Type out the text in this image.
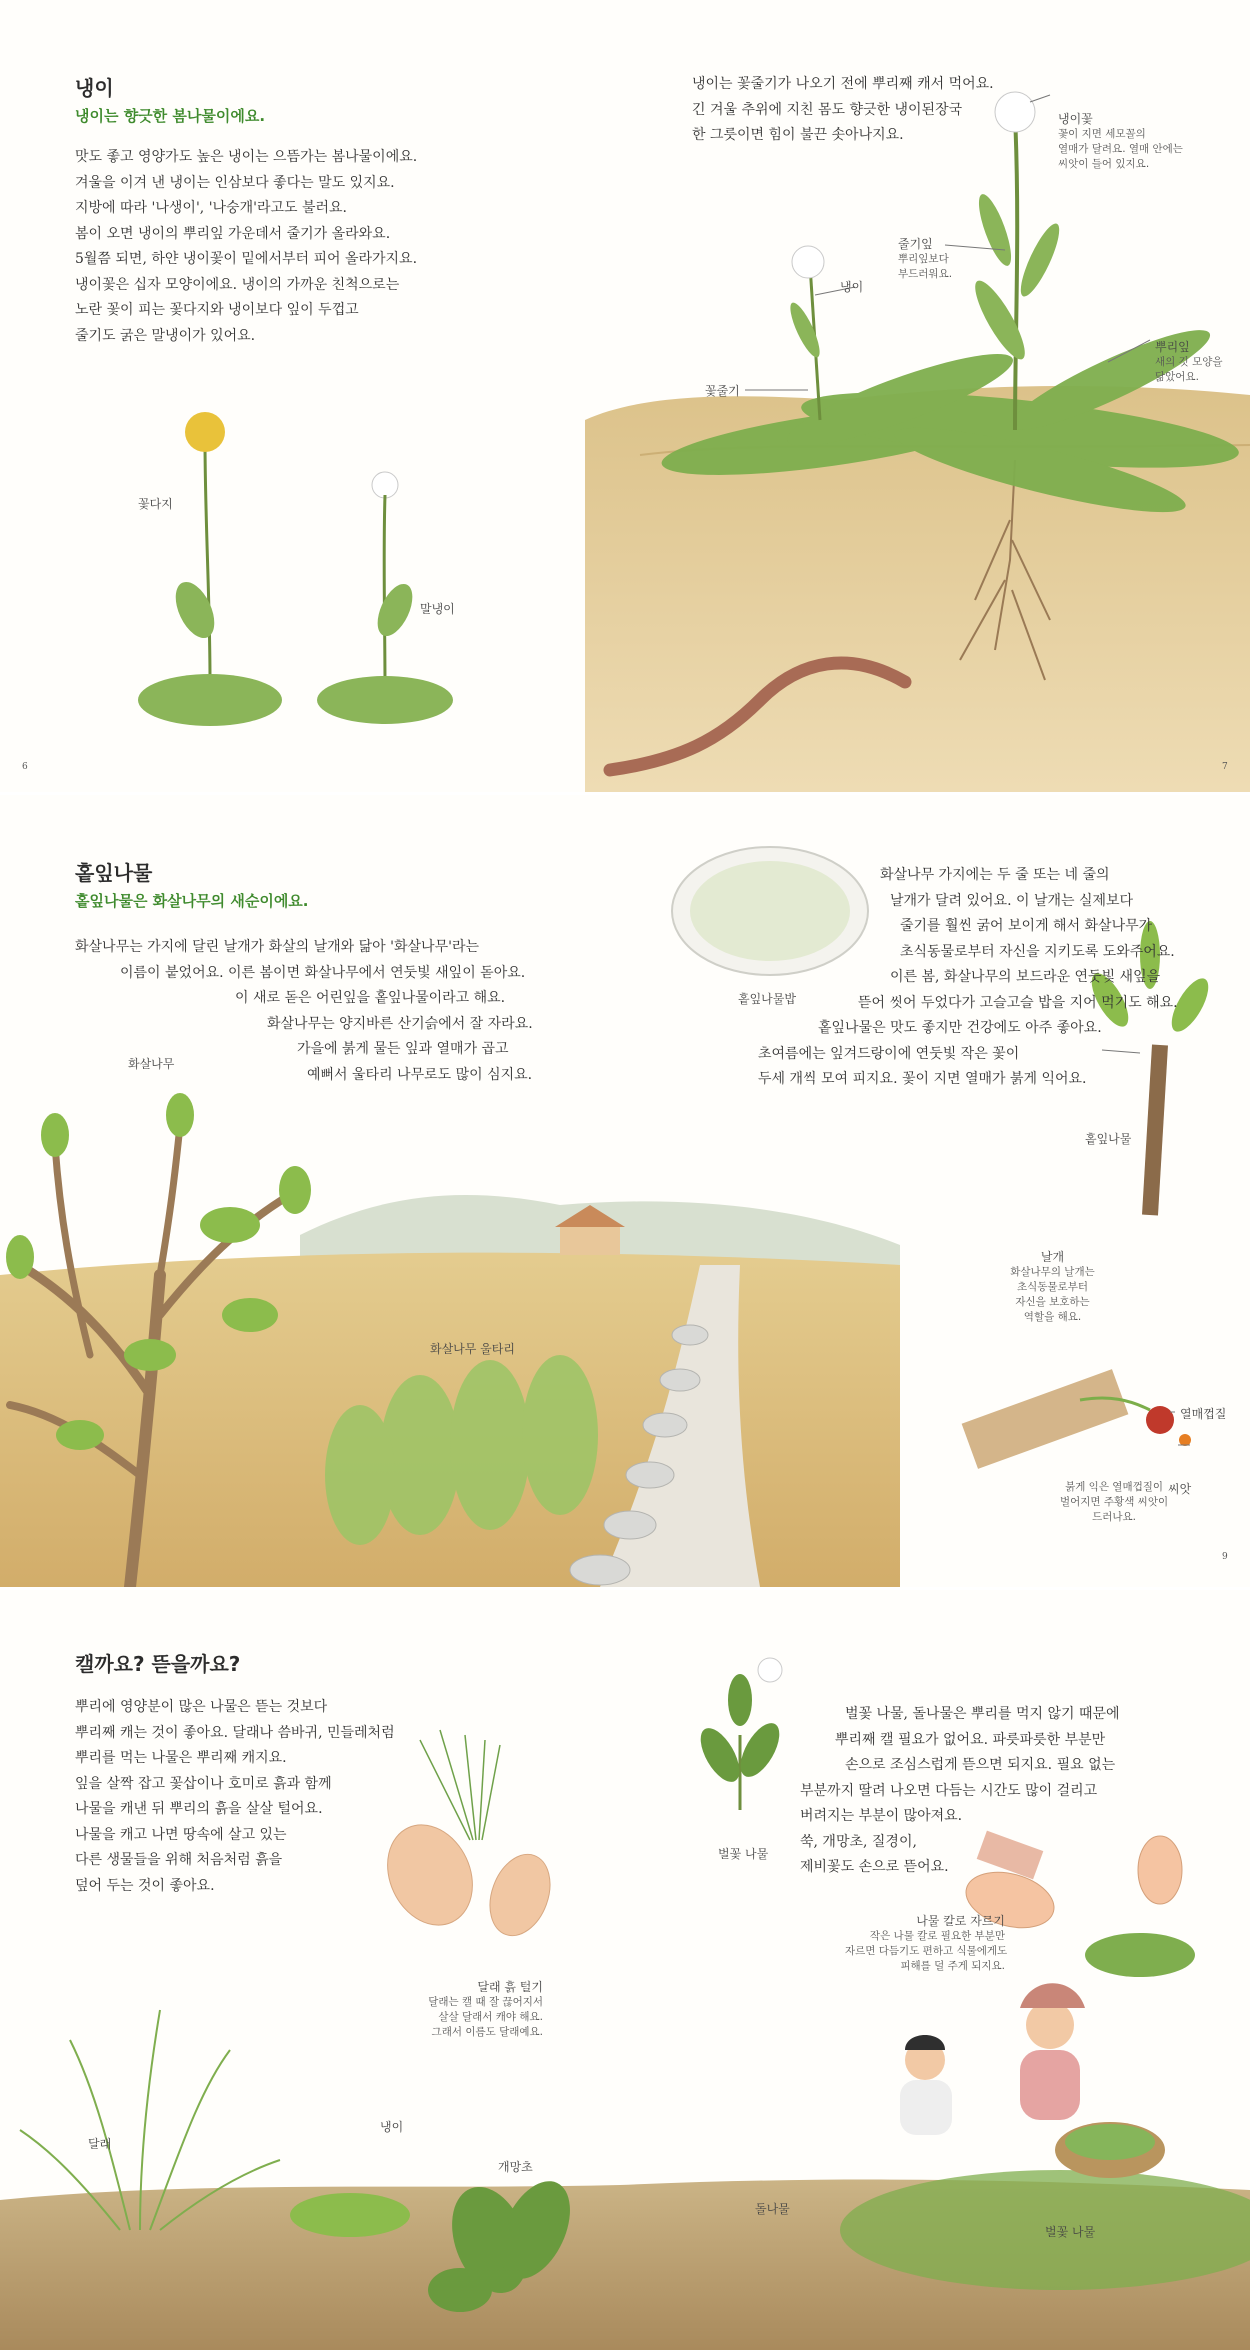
냉이
냉이는 향긋한 봄나물이에요.

맛도 좋고 영양가도 높은 냉이는 으뜸가는 봄나물이에요.

겨울을 이겨 낸 냉이는 인삼보다 좋다는 말도 있지요.

지방에 따라 '나생이', '나숭개'라고도 불러요.

봄이 오면 냉이의 뿌리잎 가운데서 줄기가 올라와요.

5월쯤 되면, 하얀 냉이꽃이 밑에서부터 피어 올라가지요.

냉이꽃은 십자 모양이에요. 냉이의 가까운 친척으로는

노란 꽃이 피는 꽃다지와 냉이보다 잎이 두껍고

줄기도 굵은 말냉이가 있어요.

냉이는 꽃줄기가 나오기 전에 뿌리째 캐서 먹어요.

긴 겨울 추위에 지친 몸도 향긋한 냉이된장국

한 그릇이면 힘이 불끈 솟아나지요.

꽃다지
말냉이
냉이
꽃줄기
냉이꽃
꽃이 지면 세모꼴의
열매가 달려요. 열매 안에는
씨앗이 들어 있지요.
줄기잎
뿌리잎보다
부드러워요.
뿌리잎
새의 깃 모양을
닮았어요.
6	7
홑잎나물
홑잎나물은 화살나무의 새순이에요.

화살나무는 가지에 달린 날개가 화살의 날개와 닮아 '화살나무'라는

이름이 붙었어요. 이른 봄이면 화살나무에서 연둣빛 새잎이 돋아요.

이 새로 돋은 어린잎을 홑잎나물이라고 해요.

화살나무는 양지바른 산기슭에서 잘 자라요.

가을에 붉게 물든 잎과 열매가 곱고

예뻐서 울타리 나무로도 많이 심지요.

화살나무 가지에는 두 줄 또는 네 줄의

날개가 달려 있어요. 이 날개는 실제보다

줄기를 훨씬 굵어 보이게 해서 화살나무가

초식동물로부터 자신을 지키도록 도와주어요.

이른 봄, 화살나무의 보드라운 연둣빛 새잎을

뜯어 씻어 두었다가 고슬고슬 밥을 지어 먹기도 해요.

홑잎나물은 맛도 좋지만 건강에도 아주 좋아요.

초여름에는 잎겨드랑이에 연둣빛 작은 꽃이

두세 개씩 모여 피지요. 꽃이 지면 열매가 붉게 익어요.

홑잎나물밥
화살나무
화살나무 울타리
홑잎나물
날개
화살나무의 날개는
초식동물로부터
자신을 보호하는
역할을 해요.
열매껍질
씨앗
붉게 익은 열매껍질이
벌어지면 주황색 씨앗이
드러나요.
9
캘까요? 뜯을까요?

뿌리에 영양분이 많은 나물은 뜯는 것보다

뿌리째 캐는 것이 좋아요. 달래나 씀바귀, 민들레처럼

뿌리를 먹는 나물은 뿌리째 캐지요.

잎을 살짝 잡고 꽃삽이나 호미로 흙과 함께

나물을 캐낸 뒤 뿌리의 흙을 살살 털어요.

나물을 캐고 나면 땅속에 살고 있는

다른 생물들을 위해 처음처럼 흙을

덮어 두는 것이 좋아요.

벌꽃 나물, 돌나물은 뿌리를 먹지 않기 때문에

뿌리째 캘 필요가 없어요. 파릇파릇한 부분만

손으로 조심스럽게 뜯으면 되지요. 필요 없는

부분까지 딸려 나오면 다듬는 시간도 많이 걸리고

버려지는 부분이 많아져요.

쑥, 개망초, 질경이,

제비꽃도 손으로 뜯어요.

달래 흙 털기
달래는 캘 때 잘 끊어지서
살살 달래서 캐야 해요.
그래서 이름도 달래예요.
벌꽃 나물
나물 칼로 자르기
작은 나물 칼로 필요한 부분만
자르면 다듬기도 편하고 식물에게도
피해를 덜 주게 되지요.
달래
냉이
개망초
돌나물
벌꽃 나물
